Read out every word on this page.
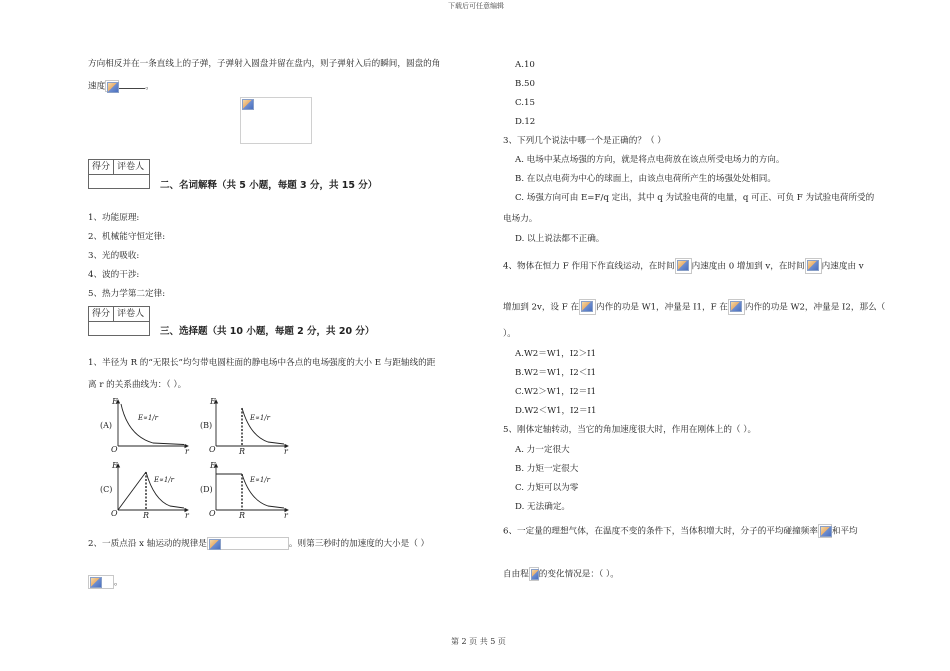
下载后可任意编辑
第 2 页 共 5 页
方向相反并在一条直线上的子弹，子弹射入圆盘并留在盘内，则子弹射入后的瞬间，圆盘的角
速度	。
得分 评卷人
二、名词解释（共 5 小题，每题 3 分，共 15 分）
1、功能原理:
2、机械能守恒定律:
3、光的吸收:
4、波的干涉:
5、热力学第二定律:
得分 评卷人
三、选择题（共 10 小题，每题 2 分，共 20 分）
1、半径为 R 的“无限长”均匀带电圆柱面的静电场中各点的电场强度的大小 E 与距轴线的距
离 r 的关系曲线为：（ ）。
(A)
E
O	r
E∝1/r
(B)
E
O	R	r
E∝1/r
(C)
E
O	R	r
E∝1/r
(D)
E
O	R	r
E∝1/r
2、一质点沿 x 轴运动的规律是	。则第三秒时的加速度的大小是（ ）
。
A.10
B.50
C.15
D.12
3、下列几个说法中哪一个是正确的？（ ）
A. 电场中某点场强的方向，就是将点电荷放在该点所受电场力的方向。
B. 在以点电荷为中心的球面上，由该点电荷所产生的场强处处相同。
C. 场强方向可由 E=F/q 定出，其中 q 为试验电荷的电量，q 可正、可负 F 为试验电荷所受的
电场力。
D. 以上说法都不正确。
4、物体在恒力 F 作用下作直线运动，在时间 内速度由 0 增加到 v，在时间 内速度由 v
增加到 2v，设 F 在 内作的功是 W1，冲量是 I1，F 在 内作的功是 W2，冲量是 I2，那么（
）。
A.W2＝W1，I2＞I1
B.W2＝W1，I2＜I1
C.W2＞W1，I2＝I1
D.W2＜W1，I2＝I1
5、刚体定轴转动，当它的角加速度很大时，作用在刚体上的（ ）。
A. 力一定很大
B. 力矩一定很大
C. 力矩可以为零
D. 无法确定。
6、一定量的理想气体，在温度不变的条件下，当体积增大时，分子的平均碰撞频率 和平均
自由程 的变化情况是：（ ）。
